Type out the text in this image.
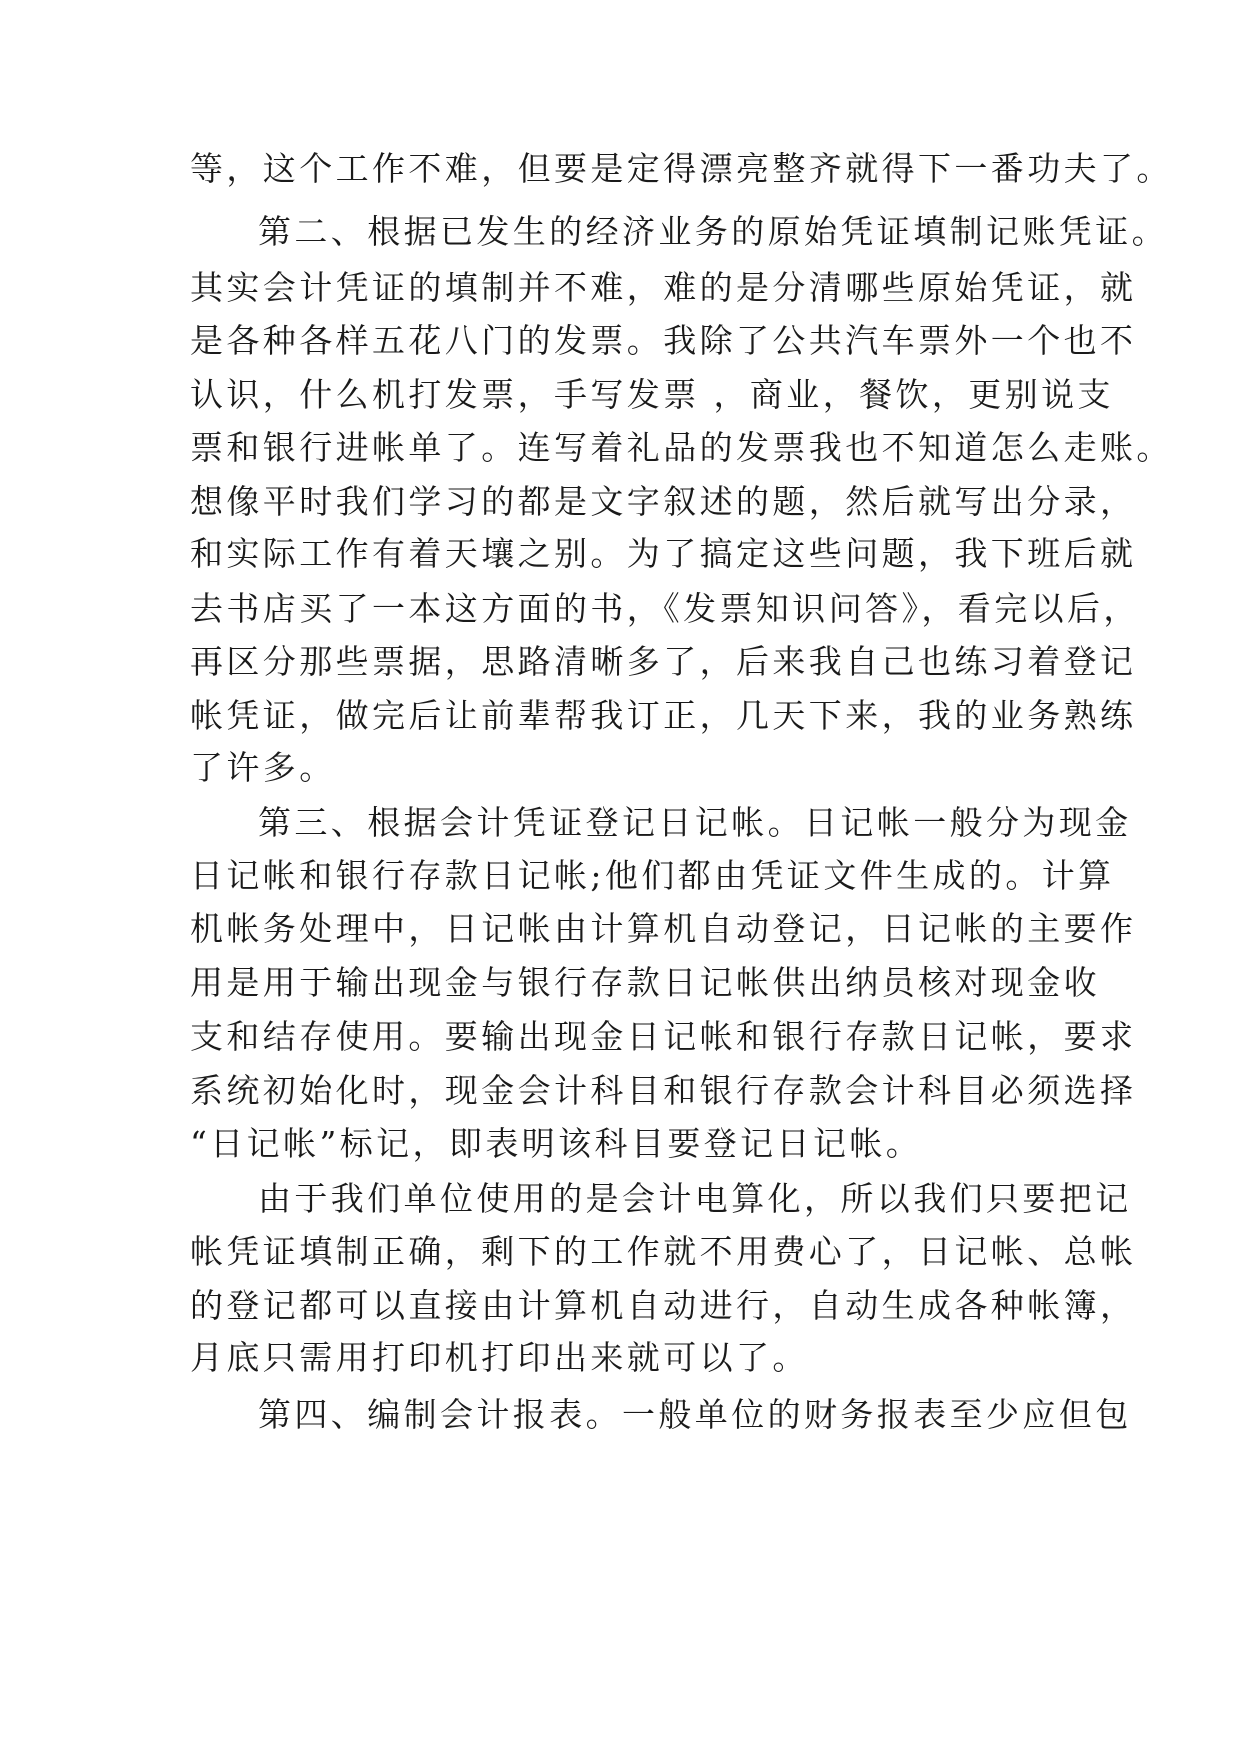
等，这个工作不难，但要是定得漂亮整齐就得下一番功夫了。

第二、根据已发生的经济业务的原始凭证填制记账凭证。

其实会计凭证的填制并不难，难的是分清哪些原始凭证，就

是各种各样五花八门的发票。我除了公共汽车票外一个也不

认识，什么机打发票，手写发票 ，商业，餐饮，更别说支

票和银行进帐单了。连写着礼品的发票我也不知道怎么走账。

想像平时我们学习的都是文字叙述的题，然后就写出分录，

和实际工作有着天壤之别。为了搞定这些问题，我下班后就

去书店买了一本这方面的书，《发票知识问答》，看完以后，

再区分那些票据，思路清晰多了，后来我自己也练习着登记

帐凭证，做完后让前辈帮我订正，几天下来，我的业务熟练

了许多。

第三、根据会计凭证登记日记帐。日记帐一般分为现金

日记帐和银行存款日记帐;他们都由凭证文件生成的。计算

机帐务处理中，日记帐由计算机自动登记，日记帐的主要作

用是用于输出现金与银行存款日记帐供出纳员核对现金收

支和结存使用。要输出现金日记帐和银行存款日记帐，要求

系统初始化时，现金会计科目和银行存款会计科目必须选择

“日记帐”标记，即表明该科目要登记日记帐。

由于我们单位使用的是会计电算化，所以我们只要把记

帐凭证填制正确，剩下的工作就不用费心了，日记帐、总帐

的登记都可以直接由计算机自动进行，自动生成各种帐簿，

月底只需用打印机打印出来就可以了。

第四、编制会计报表。一般单位的财务报表至少应但包
